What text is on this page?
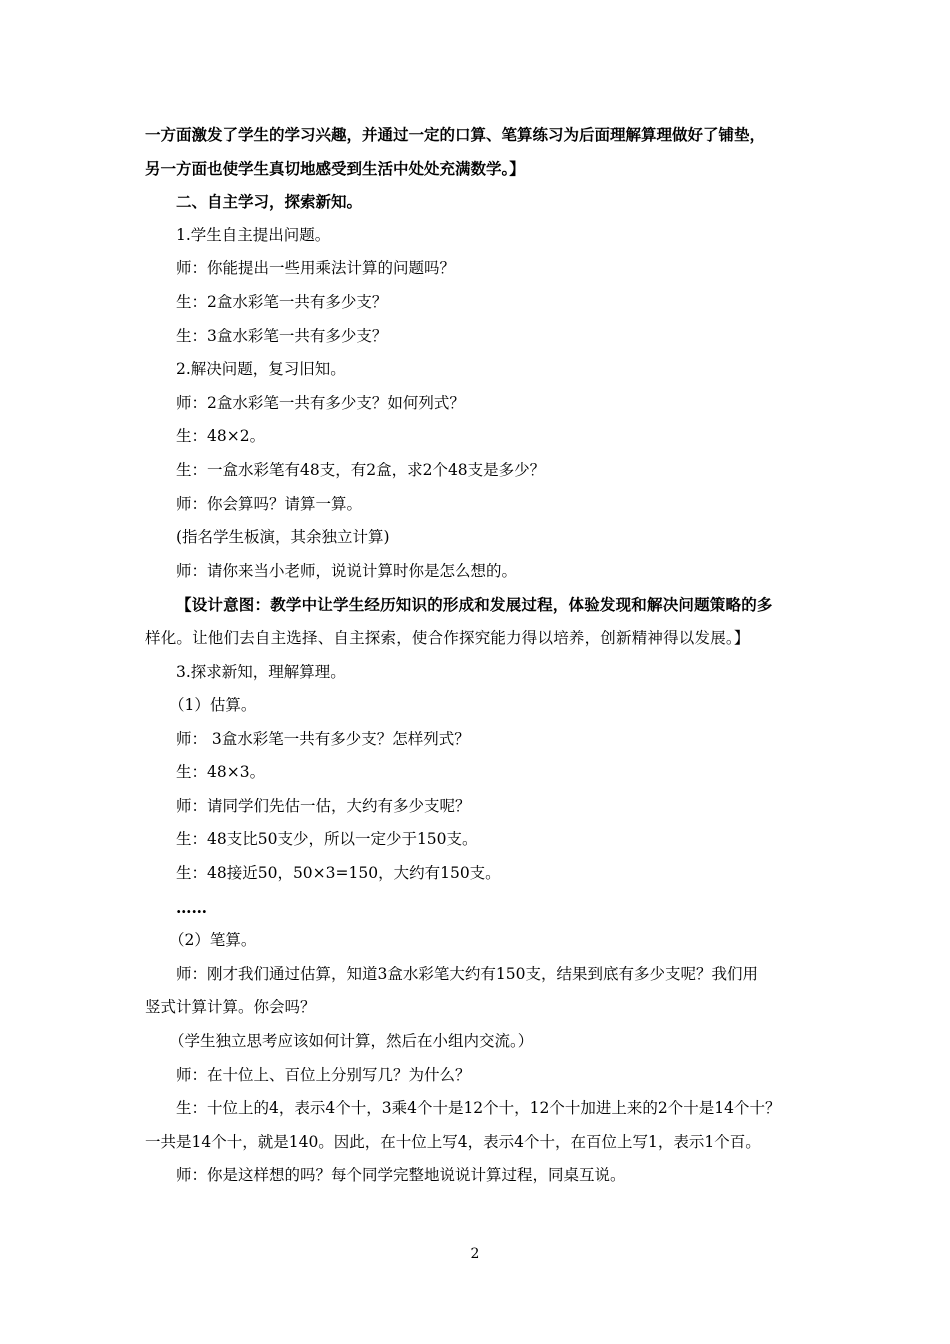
一方面激发了学生的学习兴趣，并通过一定的口算、笔算练习为后面理解算理做好了铺垫，
另一方面也使学生真切地感受到生活中处处充满数学。】
二、自主学习，探索新知。
1.学生自主提出问题。
师：你能提出一些用乘法计算的问题吗？
生：2盒水彩笔一共有多少支？
生：3盒水彩笔一共有多少支？
2.解决问题，复习旧知。
师：2盒水彩笔一共有多少支？如何列式？
生：48×2。
生：一盒水彩笔有48支，有2盒，求2个48支是多少？
师：你会算吗？请算一算。
(指名学生板演，其余独立计算)
师：请你来当小老师，说说计算时你是怎么想的。
【设计意图：教学中让学生经历知识的形成和发展过程，体验发现和解决问题策略的多
样化。让他们去自主选择、自主探索，使合作探究能力得以培养，创新精神得以发展。】
3.探求新知，理解算理。
（1）估算。
师： 3盒水彩笔一共有多少支？怎样列式？
生：48×3。
师：请同学们先估一估，大约有多少支呢？
生：48支比50支少，所以一定少于150支。
生：48接近50，50×3=150，大约有150支。
……
（2）笔算。
师：刚才我们通过估算，知道3盒水彩笔大约有150支，结果到底有多少支呢？我们用
竖式计算计算。你会吗？
（学生独立思考应该如何计算，然后在小组内交流。）
师：在十位上、百位上分别写几？为什么？
生：十位上的4，表示4个十，3乘4个十是12个十，12个十加进上来的2个十是14个十？
一共是14个十，就是140。因此，在十位上写4，表示4个十，在百位上写1，表示1个百。
师：你是这样想的吗？每个同学完整地说说计算过程，同桌互说。
2
